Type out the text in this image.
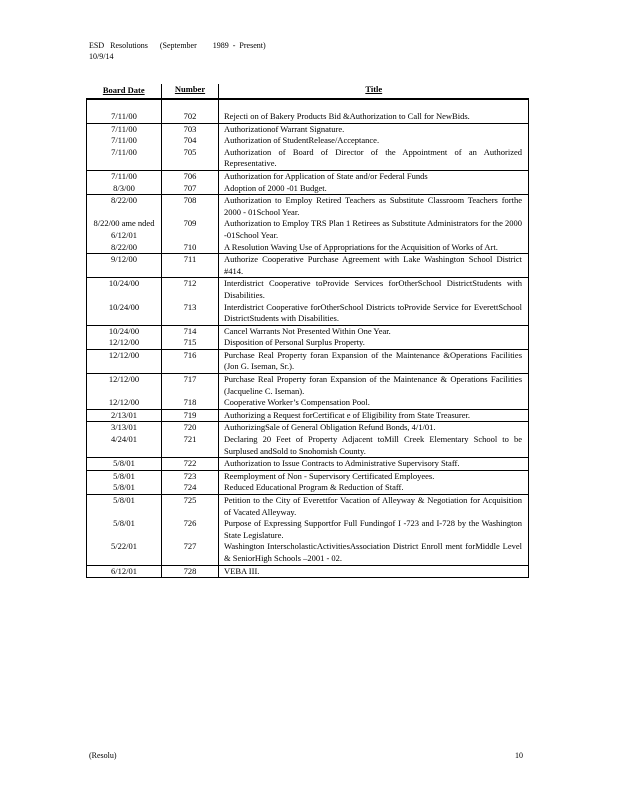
ESD   Resolutions      (September        1989  -  Present)
10/9/14
Board Date	Number	Title
7/11/00	702	Rejecti on of Bakery Products Bid &Authorization to Call for NewBids.
7/11/00	703	Authorizationof Warrant Signature.
7/11/00	704	Authorization of StudentRelease/Acceptance.
7/11/00	705	Authorization of Board of Director of the Appointment of an Authorized Representative.
7/11/00	706	Authorization for Application of State and/or Federal Funds
8/3/00	707	Adoption of 2000 -01 Budget.
8/22/00	708	Authorization to Employ Retired Teachers as Substitute Classroom Teachers forthe 2000 - 01School Year.
8/22/00 ame nded 6/12/01	709	Authorization to Employ TRS Plan 1 Retirees as Substitute Administrators for the 2000 -01School Year.
8/22/00	710	A Resolution Waving Use of Appropriations for the Acquisition of Works of Art.
9/12/00	711	Authorize Cooperative Purchase Agreement with Lake Washington School District #414.
10/24/00	712	Interdistrict Cooperative toProvide Services forOtherSchool DistrictStudents with Disabilities.
10/24/00	713	Interdistrict Cooperative forOtherSchool Districts toProvide Service for EverettSchool DistrictStudents with Disabilities.
10/24/00	714	Cancel Warrants Not Presented Within One Year.
12/12/00	715	Disposition of Personal Surplus Property.
12/12/00	716	Purchase Real Property foran Expansion of the Maintenance &Operations Facilities (Jon G. Iseman, Sr.).
12/12/00	717	Purchase Real Property foran Expansion of the Maintenance & Operations Facilities (Jacqueline C. Iseman).
12/12/00	718	Cooperative Worker’s Compensation Pool.
2/13/01	719	Authorizing a Request forCertificat e of Eligibility from State Treasurer.
3/13/01	720	AuthorizingSale of General Obligation Refund Bonds, 4/1/01.
4/24/01	721	Declaring 20 Feet of Property Adjacent toMill Creek Elementary School to be Surplused andSold to Snohomish County.
5/8/01	722	Authorization to Issue Contracts to Administrative Supervisory Staff.
5/8/01	723	Reemployment of Non - Supervisory Certificated Employees.
5/8/01	724	Reduced Educational Program & Reduction of Staff.
5/8/01	725	Petition to the City of Everettfor Vacation of Alleyway & Negotiation for Acquisition of Vacated Alleyway.
5/8/01	726	Purpose of Expressing Supportfor Full Fundingof I -723 and I-728 by the Washington State Legislature.
5/22/01	727	Washington InterscholasticActivitiesAssociation District Enroll ment forMiddle Level & SeniorHigh Schools –2001 - 02.
6/12/01	728	VEBA III.
(Resolu)	10
